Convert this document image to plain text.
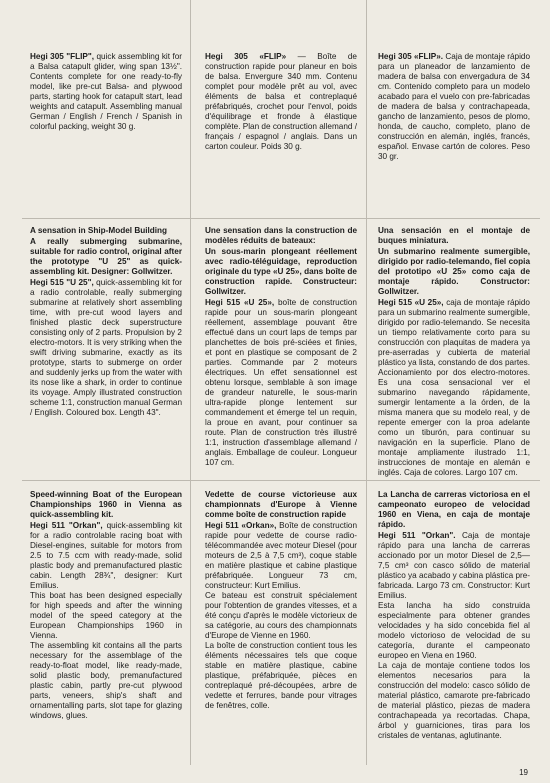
Hegi 305 "FLIP", quick assembling kit for a Balsa catapult glider, wing span 13½". Contents complete for one ready-to-fly model, like pre-cut Balsa- and plywood parts, starting hook for catapult start, lead weights and catapult. Assembling manual German / English / French / Spanish in colorful packing, weight 30 g.

Hegi 305 «FLIP» — Boîte de construction rapide pour planeur en bois de balsa. Envergure 340 mm. Contenu complet pour modèle prêt au vol, avec éléments de balsa et contreplaqué préfabriqués, crochet pour l'envol, poids d'équilibrage et fronde à élastique complète. Plan de construction allemand / français / espagnol / anglais. Dans un carton couleur. Poids 30 g.

Hegi 305 «FLIP». Caja de montaje rápido para un planeador de lanzamiento de madera de balsa con envergadura de 34 cm. Contenido completo para un modelo acabado para el vuelo con pre-fabricadas de madera de balsa y contrachapeada, gancho de lanzamiento, pesos de plomo, honda, de caucho, completo, plano de construcción en alemán, inglés, francés, español. Envase cartón de colores. Peso 30 gr.

A sensation in Ship-Model Building

A really submerging submarine, suitable for radio control, original after the prototype "U 25" as quick-assembling kit. Designer: Gollwitzer.

Hegi 515 "U 25", quick-assembling kit for a radio controlable, really submerging submarine at relatively short assembling time, with pre-cut wood layers and finished plastic deck superstructure consisting only of 2 parts. Propulsion by 2 electro-motors. It is very striking when the swift driving submarine, exactly as its prototype, starts to submerge on order and suddenly jerks up from the water with its nose like a shark, in order to continue its voyage. Amply illustrated construction scheme 1:1, construction manual German / English. Coloured box. Length 43".

Une sensation dans la construction de modèles réduits de bateaux:

Un sous-marin plongeant réellement avec radio-téléguidage, reproduction originale du type «U 25», dans boîte de construction rapide. Constructeur: Gollwitzer.

Hegi 515 «U 25», boîte de construction rapide pour un sous-marin plongeant réellement, assemblage pouvant être effectué dans un court laps de temps par planchettes de bois pré-sciées et finies, et pont en plastique se composant de 2 parties. Commande par 2 moteurs électriques. Un effet sensationnel est obtenu lorsque, semblable à son image de grandeur naturelle, le sous-marin ultra-rapide plonge lentement sur commandement et émerge tel un requin, la proue en avant, pour continuer sa route. Plan de construction très illustré 1:1, instruction d'assemblage allemand / anglais. Emballage de couleur. Longueur 107 cm.

Una sensación en el montaje de buques miniatura.

Un submarino realmente sumergible, dirigido por radio-telemando, fiel copia del prototipo «U 25» como caja de montaje rápido. Constructor: Gollwitzer.

Hegi 515 «U 25», caja de montaje rápido para un submarino realmente sumergible, dirigido por radio-telemando. Se necesita un tiempo relativamente corto para su construcción con plaquitas de madera ya pre-aserradas y cubierta de material plástico ya lista, constando de dos partes. Accionamiento por dos electro-motores. Es una cosa sensacional ver el submarino navegando rápidamente, sumergir lentamente a la órden, de la misma manera que su modelo real, y de repente emerger con la proa adelante como un tiburón, para continuar su navigación en la superficie. Plano de montaje ampliamente ilustrado 1:1, instrucciones de montaje en alemán e inglés. Caja de colores. Largo 107 cm.

Speed-winning Boat of the European Championships 1960 in Vienna as quick-assembling kit.

Hegi 511 "Orkan", quick-assembling kit for a radio controlable racing boat with Diesel-engines, suitable for motors from 2.5 to 7.5 ccm with ready-made, solid plastic body and premanufactured plastic cabin. Length 28¾", designer: Kurt Emilius.

This boat has been designed especially for high speeds and after the winning model of the speed category at the European Championships 1960 in Vienna.

The assembling kit contains all the parts necessary for the assemblage of the ready-to-float model, like ready-made, solid plastic body, premanufactured plastic cabin, partly pre-cut plywood parts, veneers, ship's shaft and ornamentalling parts, slot tape for glazing windows, glues.

Vedette de course victorieuse aux championnats d'Europe à Vienne comme boîte de construction rapide

Hegi 511 «Orkan», Boîte de construction rapide pour vedette de course radio-télécommandée avec moteur Diesel (pour moteurs de 2,5 à 7,5 cm³), coque stable en matière plastique et cabine plastique préfabriquée. Longueur 73 cm, constructeur: Kurt Emilius.

Ce bateau est construit spécialement pour l'obtention de grandes vitesses, et a été conçu d'après le modèle victorieux de sa catégorie, au cours des championnats d'Europe de Vienne en 1960.

La boîte de construction contient tous les éléments nécessaires tels que coque stable en matière plastique, cabine plastique, préfabriquée, pièces en contreplaqué pré-découpées, arbre de vedette et ferrures, bande pour vitrages de fenêtres, colle.

La Lancha de carreras victoriosa en el campeonato europeo de velocidad 1960 en Viena, en caja de montaje rápido.

Hegi 511 "Orkan". Caja de montaje rápido para una lancha de carreras accionado por un motor Diesel de 2,5—7,5 cm³ con casco sólido de material plástico ya acabado y cabina plástica pre-fabricada. Largo 73 cm. Constructor: Kurt Emilius.

Esta lancha ha sido construida especialmente para obtener grandes velocidades y ha sido concebida fiel al modelo victorioso de velocidad de su categoría, durante el campeonato europeo en Viena en 1960.

La caja de montaje contiene todos los elementos necesarios para la construcción del modelo: casco sólido de material plástico, camarote pre-fabricado de material plástico, piezas de madera contrachapeada ya recortadas. Chapa, árbol y guarniciones, tiras para los cristales de ventanas, aglutinante.

19
